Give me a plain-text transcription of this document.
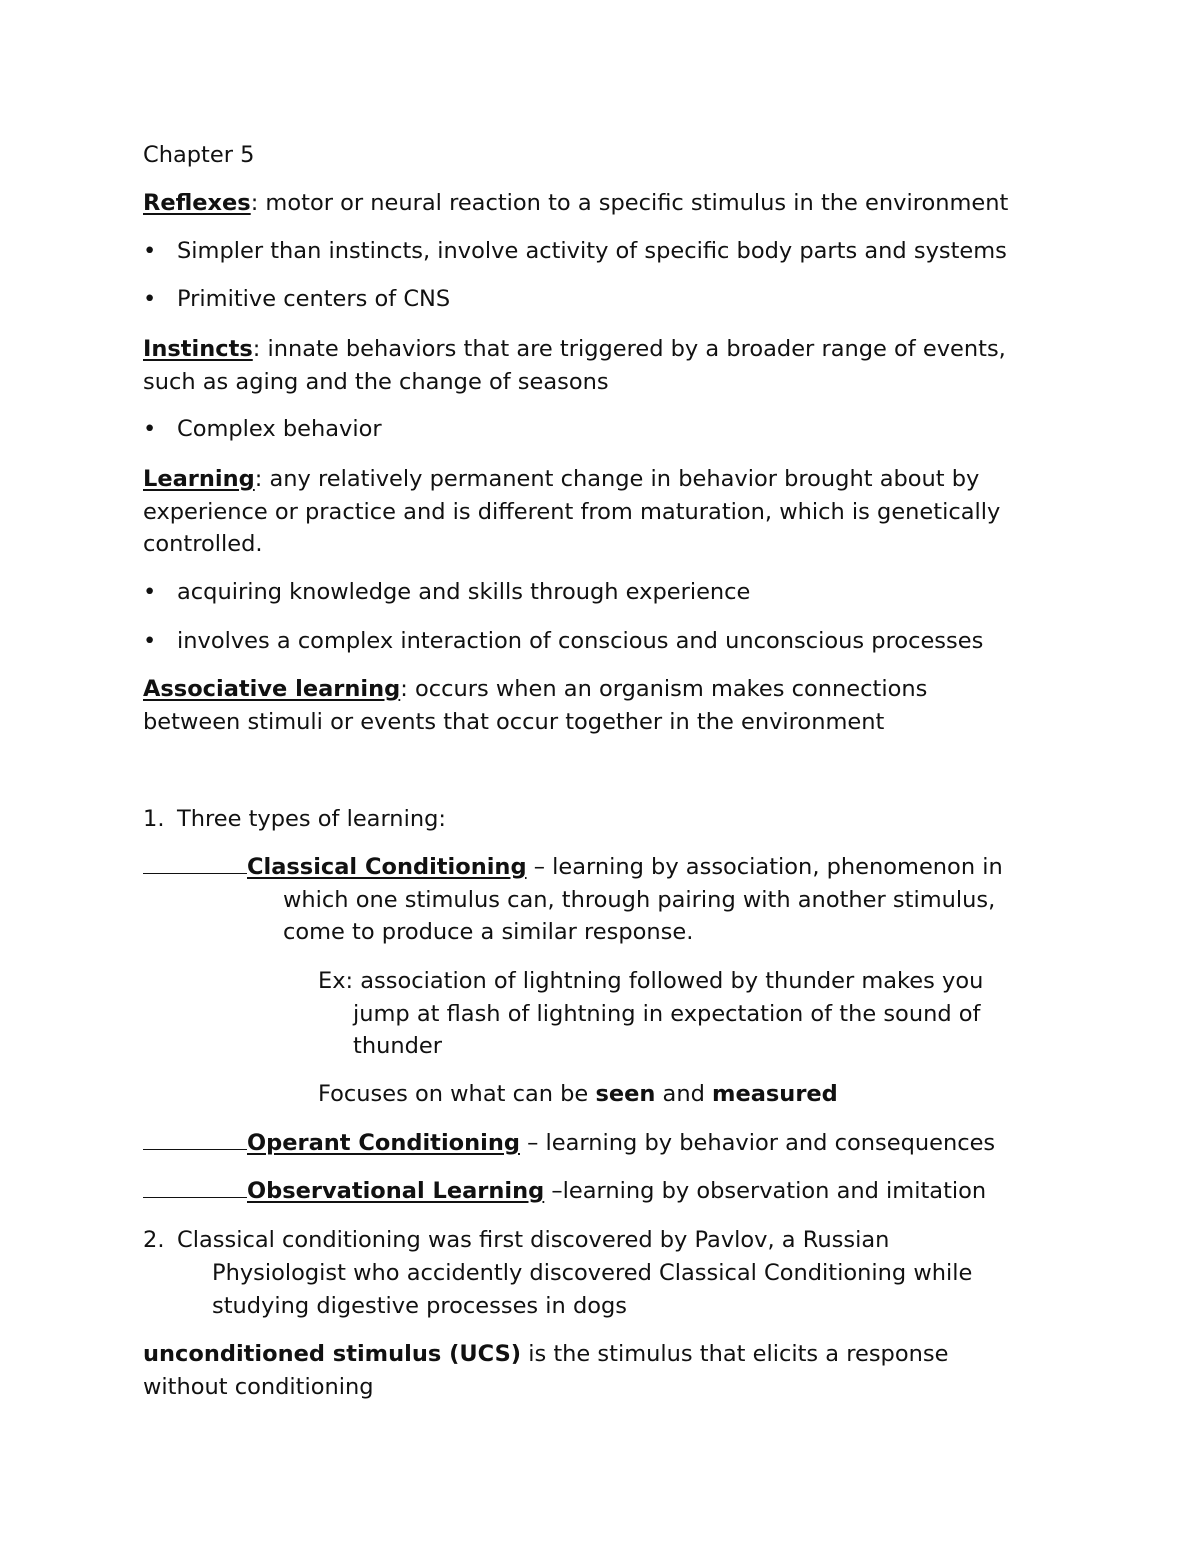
Chapter 5
Reflexes: motor or neural reaction to a specific stimulus in the environment
• Simpler than instincts, involve activity of specific body parts and systems
• Primitive centers of CNS
Instincts: innate behaviors that are triggered by a broader range of events,
such as aging and the change of seasons
• Complex behavior
Learning: any relatively permanent change in behavior brought about by
experience or practice and is different from maturation, which is genetically
controlled.
• acquiring knowledge and skills through experience
• involves a complex interaction of conscious and unconscious processes
Associative learning: occurs when an organism makes connections
between stimuli or events that occur together in the environment
1. Three types of learning:
Classical Conditioning – learning by association, phenomenon in
which one stimulus can, through pairing with another stimulus,
come to produce a similar response.
Ex: association of lightning followed by thunder makes you
jump at flash of lightning in expectation of the sound of
thunder
Focuses on what can be seen and measured
Operant Conditioning – learning by behavior and consequences
Observational Learning –learning by observation and imitation
2. Classical conditioning was first discovered by Pavlov, a Russian
Physiologist who accidently discovered Classical Conditioning while
studying digestive processes in dogs
unconditioned stimulus (UCS) is the stimulus that elicits a response
without conditioning
